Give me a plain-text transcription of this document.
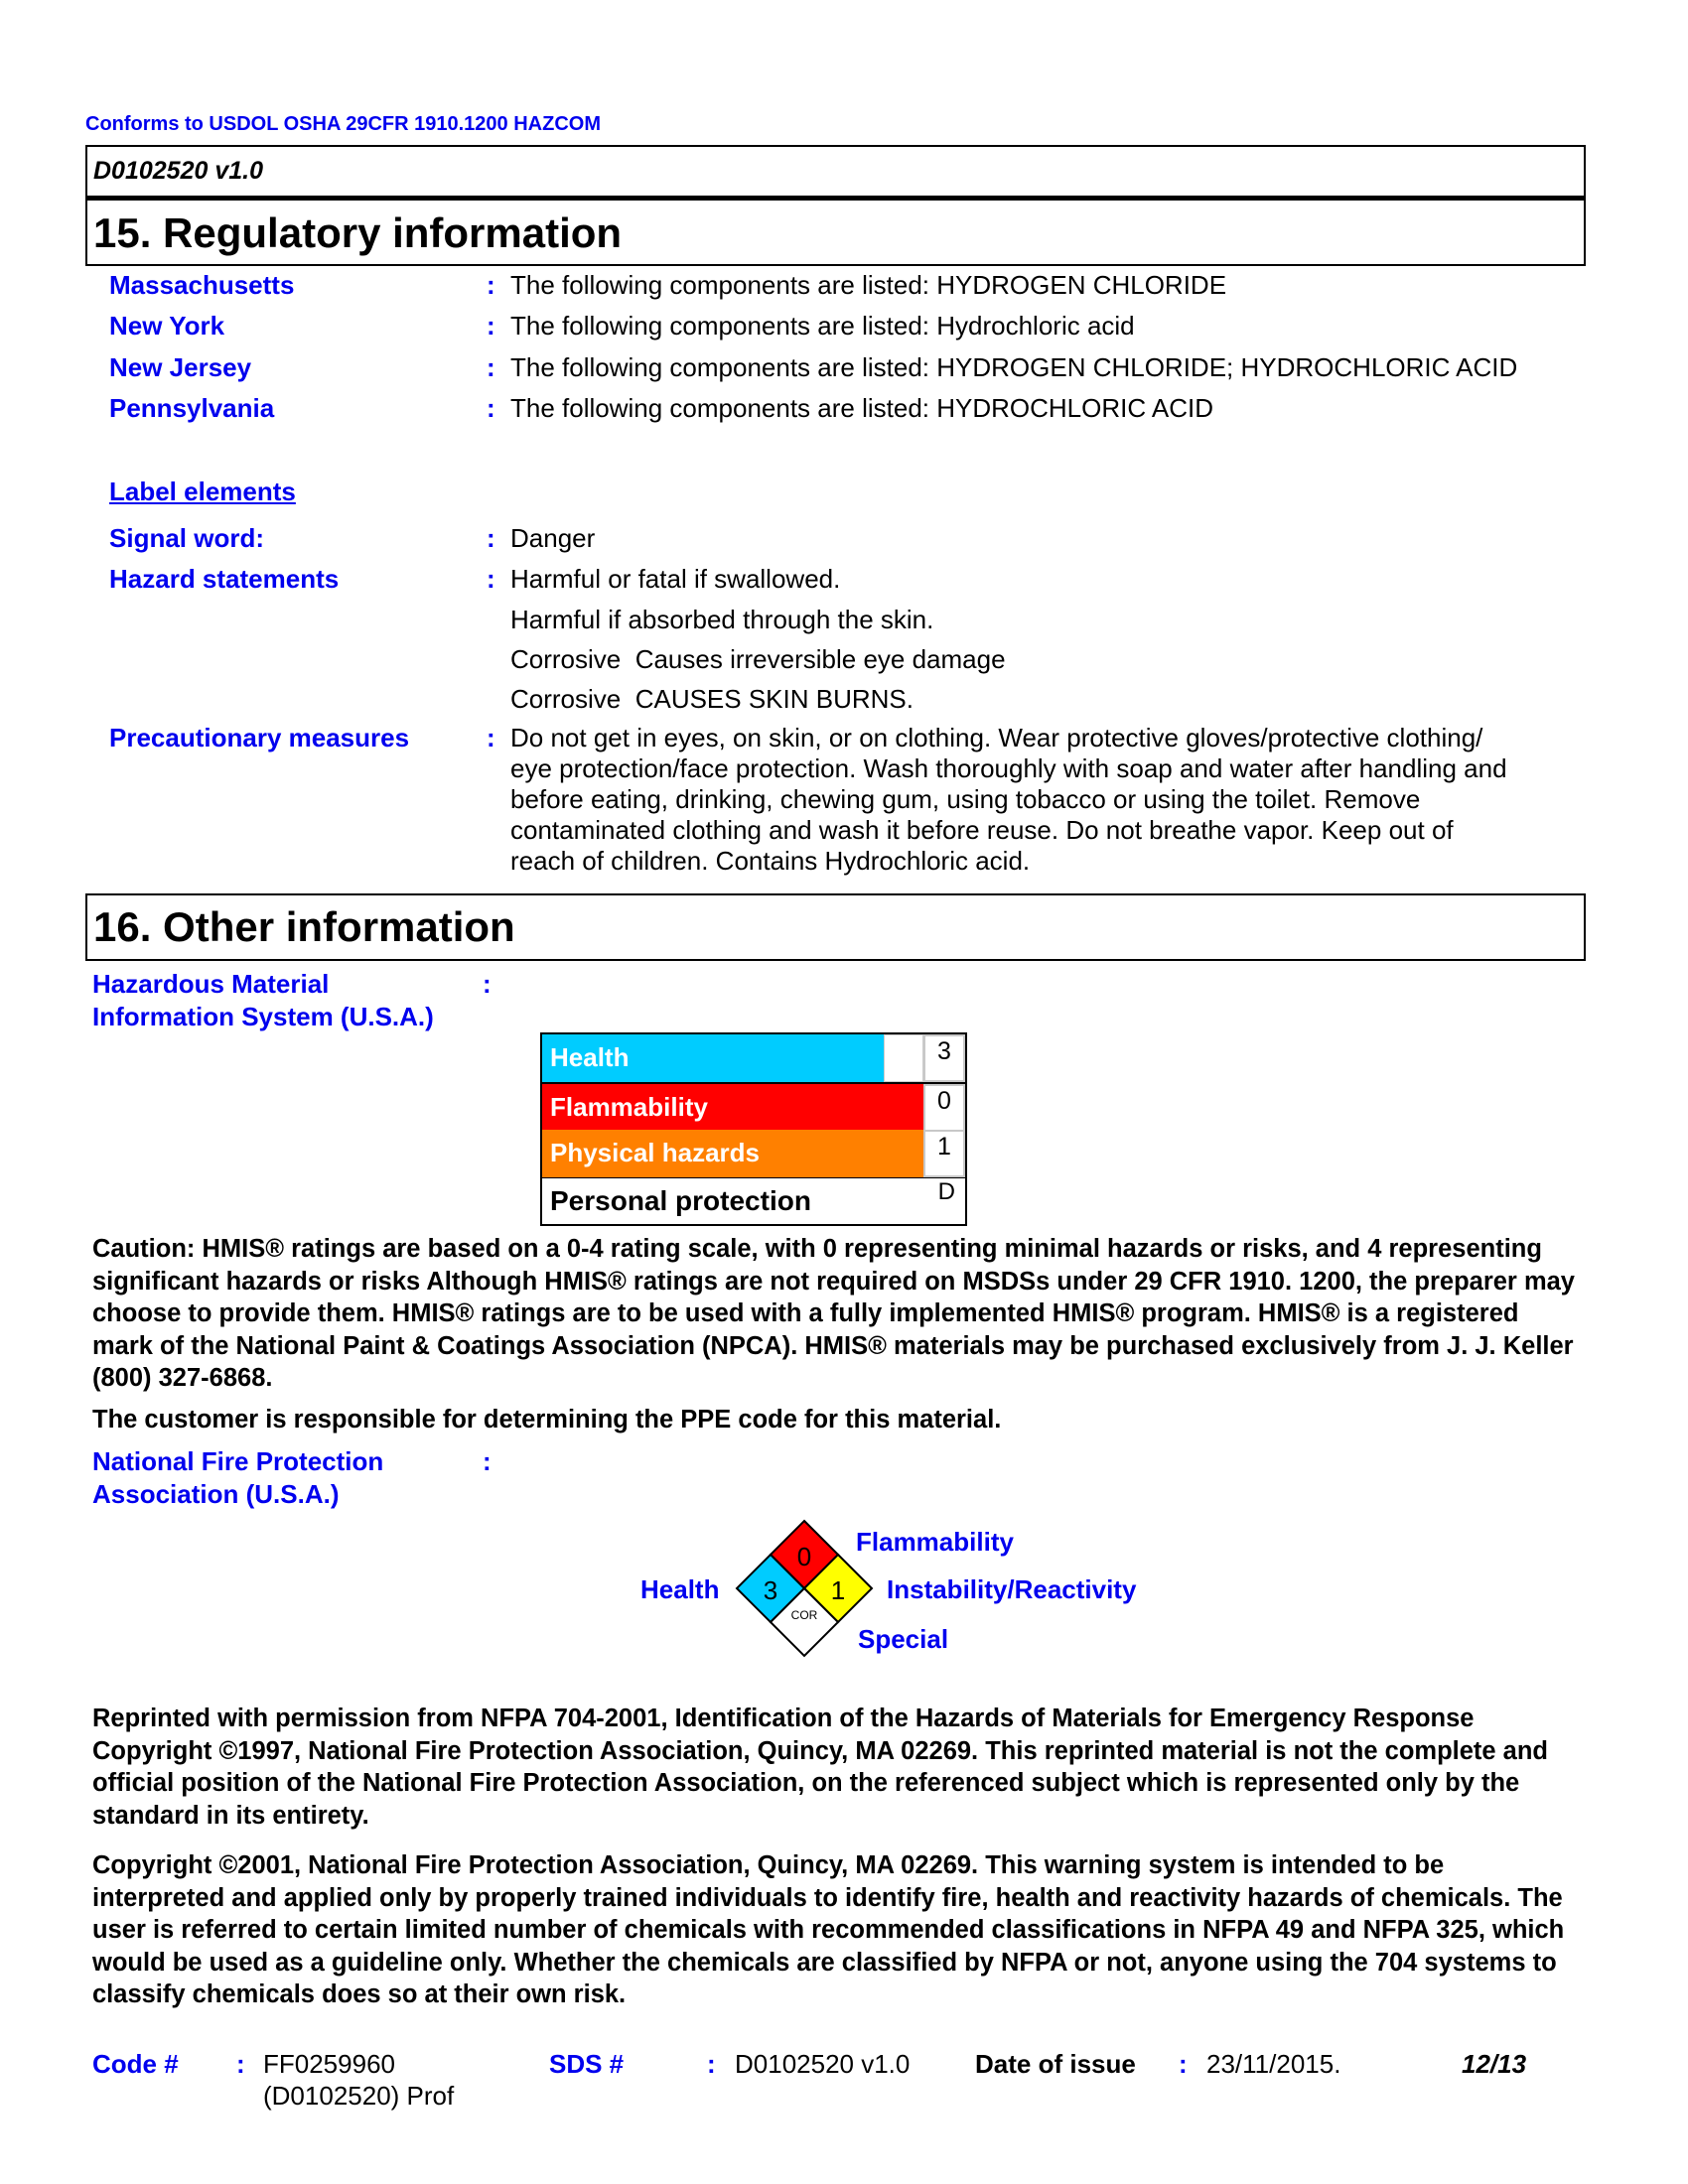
Conforms to USDOL OSHA 29CFR 1910.1200 HAZCOM
D0102520 v1.0
15. Regulatory information
Massachusetts	: The following components are listed: HYDROGEN CHLORIDE
New York	: The following components are listed: Hydrochloric acid
New Jersey	: The following components are listed: HYDROGEN CHLORIDE; HYDROCHLORIC ACID
Pennsylvania	: The following components are listed: HYDROCHLORIC ACID
Label elements
Signal word:	: Danger
Hazard statements	: Harmful or fatal if swallowed.
Harmful if absorbed through the skin.
Corrosive  Causes irreversible eye damage
Corrosive  CAUSES SKIN BURNS.
Precautionary measures	: Do not get in eyes, on skin, or on clothing. Wear protective gloves/protective clothing/
eye protection/face protection. Wash thoroughly with soap and water after handling and
before eating, drinking, chewing gum, using tobacco or using the toilet. Remove
contaminated clothing and wash it before reuse. Do not breathe vapor. Keep out of
reach of children. Contains Hydrochloric acid.
16. Other information
Hazardous Material
Information System (U.S.A.)
:
Health	3
Flammability	0
Physical hazards	1
Personal protection	D
Caution: HMIS® ratings are based on a 0-4 rating scale, with 0 representing minimal hazards or risks, and 4 representing significant hazards or risks Although HMIS® ratings are not required on MSDSs under 29 CFR 1910. 1200, the preparer may choose to provide them. HMIS® ratings are to be used with a fully implemented HMIS® program. HMIS® is a registered mark of the National Paint & Coatings Association (NPCA). HMIS® materials may be purchased exclusively from J. J. Keller (800) 327-6868.
The customer is responsible for determining the PPE code for this material.
National Fire Protection
Association (U.S.A.)
:
0
3 1
COR
Health
Flammability
Instability/Reactivity
Special
Reprinted with permission from NFPA 704-2001, Identification of the Hazards of Materials for Emergency Response Copyright ©1997, National Fire Protection Association, Quincy, MA 02269. This reprinted material is not the complete and official position of the National Fire Protection Association, on the referenced subject which is represented only by the standard in its entirety.
Copyright ©2001, National Fire Protection Association, Quincy, MA 02269. This warning system is intended to be interpreted and applied only by properly trained individuals to identify fire, health and reactivity hazards of chemicals. The user is referred to certain limited number of chemicals with recommended classifications in NFPA 49 and NFPA 325, which would be used as a guideline only. Whether the chemicals are classified by NFPA or not, anyone using the 704 systems to classify chemicals does so at their own risk.
Code # : FF0259960
(D0102520) Prof
SDS #	: D0102520 v1.0	Date of issue : 23/11/2015.	12/13
